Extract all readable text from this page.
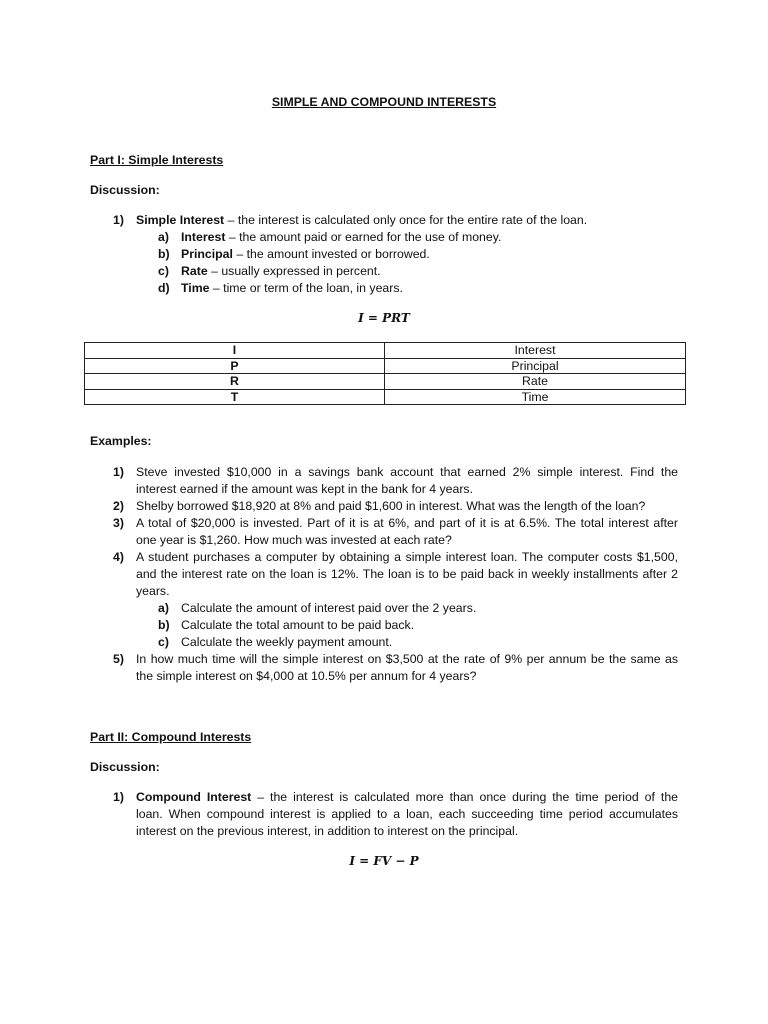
SIMPLE AND COMPOUND INTERESTS
Part I: Simple Interests
Discussion:
1) Simple Interest – the interest is calculated only once for the entire rate of the loan.
a) Interest – the amount paid or earned for the use of money.
b) Principal – the amount invested or borrowed.
c) Rate – usually expressed in percent.
d) Time – time or term of the loan, in years.
I = PRT
I	Interest
P	Principal
R	Rate
T	Time
Examples:
1) Steve invested $10,000 in a savings bank account that earned 2% simple interest. Find the
interest earned if the amount was kept in the bank for 4 years.
2) Shelby borrowed $18,920 at 8% and paid $1,600 in interest. What was the length of the loan?
3) A total of $20,000 is invested. Part of it is at 6%, and part of it is at 6.5%. The total interest after
one year is $1,260. How much was invested at each rate?
4) A student purchases a computer by obtaining a simple interest loan. The computer costs $1,500,
and the interest rate on the loan is 12%. The loan is to be paid back in weekly installments after 2
years.
a) Calculate the amount of interest paid over the 2 years.
b) Calculate the total amount to be paid back.
c) Calculate the weekly payment amount.
5) In how much time will the simple interest on $3,500 at the rate of 9% per annum be the same as
the simple interest on $4,000 at 10.5% per annum for 4 years?
Part II: Compound Interests
Discussion:
1) Compound Interest – the interest is calculated more than once during the time period of the
loan. When compound interest is applied to a loan, each succeeding time period accumulates
interest on the previous interest, in addition to interest on the principal.
I = FV − P
